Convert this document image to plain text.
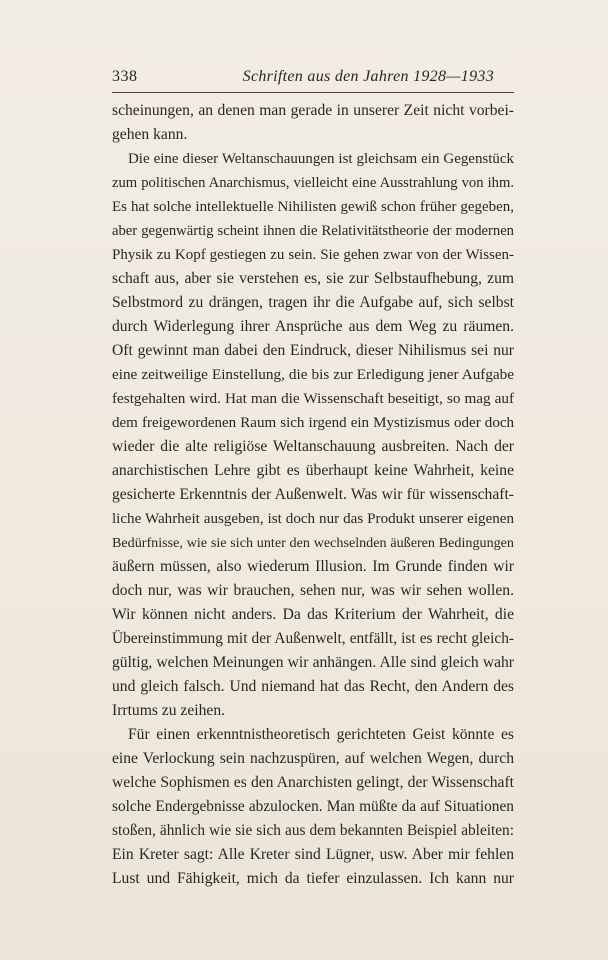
338	Schriften aus den Jahren 1928—1933
scheinungen, an denen man gerade in unserer Zeit nicht vorbei-
gehen kann.
Die eine dieser Weltanschauungen ist gleichsam ein Gegenstück
zum politischen Anarchismus, vielleicht eine Ausstrahlung von ihm.
Es hat solche intellektuelle Nihilisten gewiß schon früher gegeben,
aber gegenwärtig scheint ihnen die Relativitätstheorie der modernen
Physik zu Kopf gestiegen zu sein. Sie gehen zwar von der Wissen-
schaft aus, aber sie verstehen es, sie zur Selbstaufhebung, zum
Selbstmord zu drängen, tragen ihr die Aufgabe auf, sich selbst
durch Widerlegung ihrer Ansprüche aus dem Weg zu räumen.
Oft gewinnt man dabei den Eindruck, dieser Nihilismus sei nur
eine zeitweilige Einstellung, die bis zur Erledigung jener Aufgabe
festgehalten wird. Hat man die Wissenschaft beseitigt, so mag auf
dem freigewordenen Raum sich irgend ein Mystizismus oder doch
wieder die alte religiöse Weltanschauung ausbreiten. Nach der
anarchistischen Lehre gibt es überhaupt keine Wahrheit, keine
gesicherte Erkenntnis der Außenwelt. Was wir für wissenschaft-
liche Wahrheit ausgeben, ist doch nur das Produkt unserer eigenen
Bedürfnisse, wie sie sich unter den wechselnden äußeren Bedingungen
äußern müssen, also wiederum Illusion. Im Grunde finden wir
doch nur, was wir brauchen, sehen nur, was wir sehen wollen.
Wir können nicht anders. Da das Kriterium der Wahrheit, die
Übereinstimmung mit der Außenwelt, entfällt, ist es recht gleich-
gültig, welchen Meinungen wir anhängen. Alle sind gleich wahr
und gleich falsch. Und niemand hat das Recht, den Andern des
Irrtums zu zeihen.
Für einen erkenntnistheoretisch gerichteten Geist könnte es
eine Verlockung sein nachzuspüren, auf welchen Wegen, durch
welche Sophismen es den Anarchisten gelingt, der Wissenschaft
solche Endergebnisse abzulocken. Man müßte da auf Situationen
stoßen, ähnlich wie sie sich aus dem bekannten Beispiel ableiten:
Ein Kreter sagt: Alle Kreter sind Lügner, usw. Aber mir fehlen
Lust und Fähigkeit, mich da tiefer einzulassen. Ich kann nur
